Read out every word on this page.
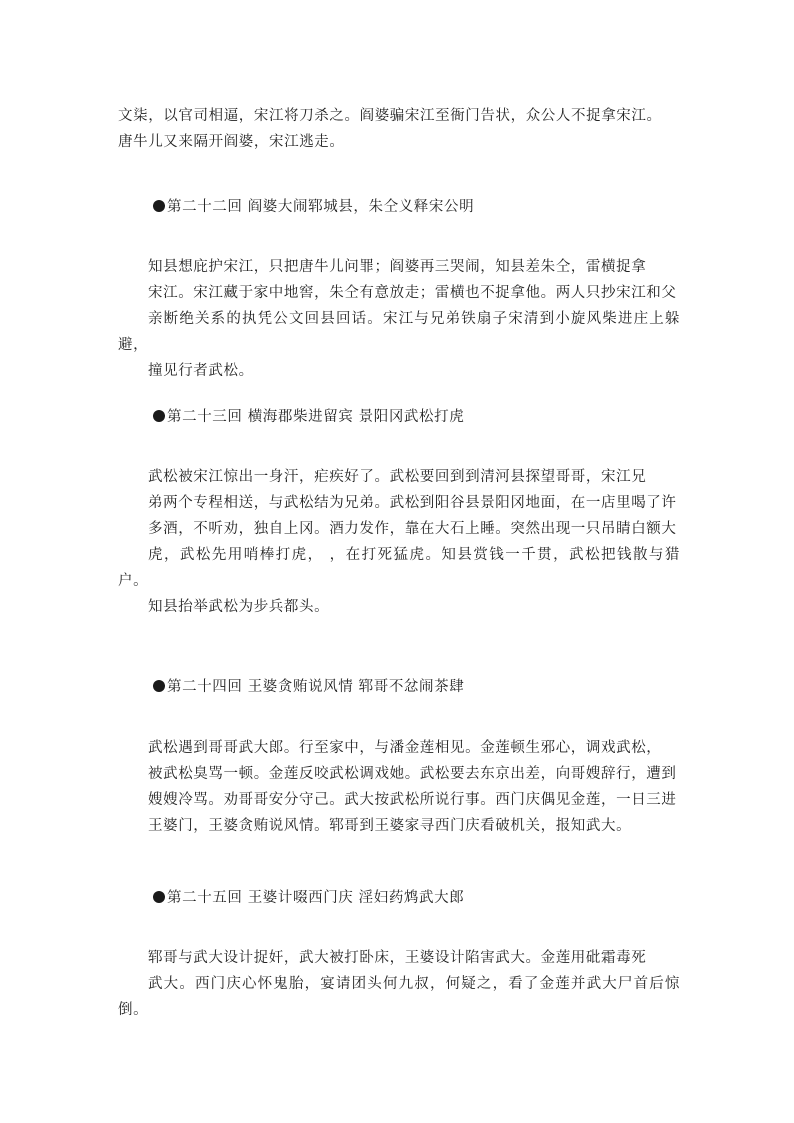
文柒，以官司相逼，宋江将刀杀之。阎婆骗宋江至衙门告状，众公人不捉拿宋江。
唐牛儿又来隔开阎婆，宋江逃走。

第二十二回 阎婆大闹郓城县，朱仝义释宋公明

知县想庇护宋江，只把唐牛儿问罪；阎婆再三哭闹，知县差朱仝，雷横捉拿
宋江。宋江藏于家中地窖，朱仝有意放走；雷横也不捉拿他。两人只抄宋江和父
亲断绝关系的执凭公文回县回话。宋江与兄弟铁扇子宋清到小旋风柴进庄上躲避，
撞见行者武松。

第二十三回 横海郡柴进留宾 景阳冈武松打虎

武松被宋江惊出一身汗，疟疾好了。武松要回到到清河县探望哥哥，宋江兄
弟两个专程相送，与武松结为兄弟。武松到阳谷县景阳冈地面，在一店里喝了许
多酒，不听劝，独自上冈。酒力发作，靠在大石上睡。突然出现一只吊睛白额大
虎，武松先用哨棒打虎， ，在打死猛虎。知县赏钱一千贯，武松把钱散与猎户。
知县抬举武松为步兵都头。

第二十四回 王婆贪贿说风情 郓哥不忿闹茶肆

武松遇到哥哥武大郎。行至家中，与潘金莲相见。金莲顿生邪心，调戏武松，
被武松臭骂一顿。金莲反咬武松调戏她。武松要去东京出差，向哥嫂辞行，遭到
嫂嫂冷骂。劝哥哥安分守己。武大按武松所说行事。西门庆偶见金莲，一日三进
王婆门，王婆贪贿说风情。郓哥到王婆家寻西门庆看破机关，报知武大。

第二十五回 王婆计啜西门庆 淫妇药鸩武大郎

郓哥与武大设计捉奸，武大被打卧床，王婆设计陷害武大。金莲用砒霜毒死
武大。西门庆心怀鬼胎，宴请团头何九叔，何疑之，看了金莲并武大尸首后惊倒。
